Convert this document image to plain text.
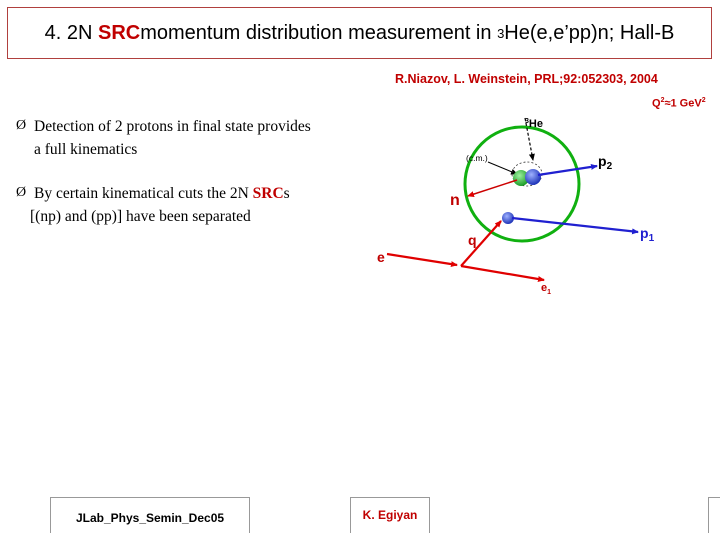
4. 2N
SRC momentum distribution measurement in
3 He(e,e’pp)n; Hall-B
R.Niazov, L. Weinstein, PRL;92:052303, 2004
$Q^2\approx 1$ GeV$^2$
Ø Detection of 2 protons in final state provides
a full kinematics
Ø By certain kinematical cuts the 2N SRCs
[(np) and (pp)] have been separated
$^3$He
(c.m.)	$p_2$
n
q	$p_1$
e
$e_1$
JLab_Phys_Semin_Dec05	K. Egiyan
